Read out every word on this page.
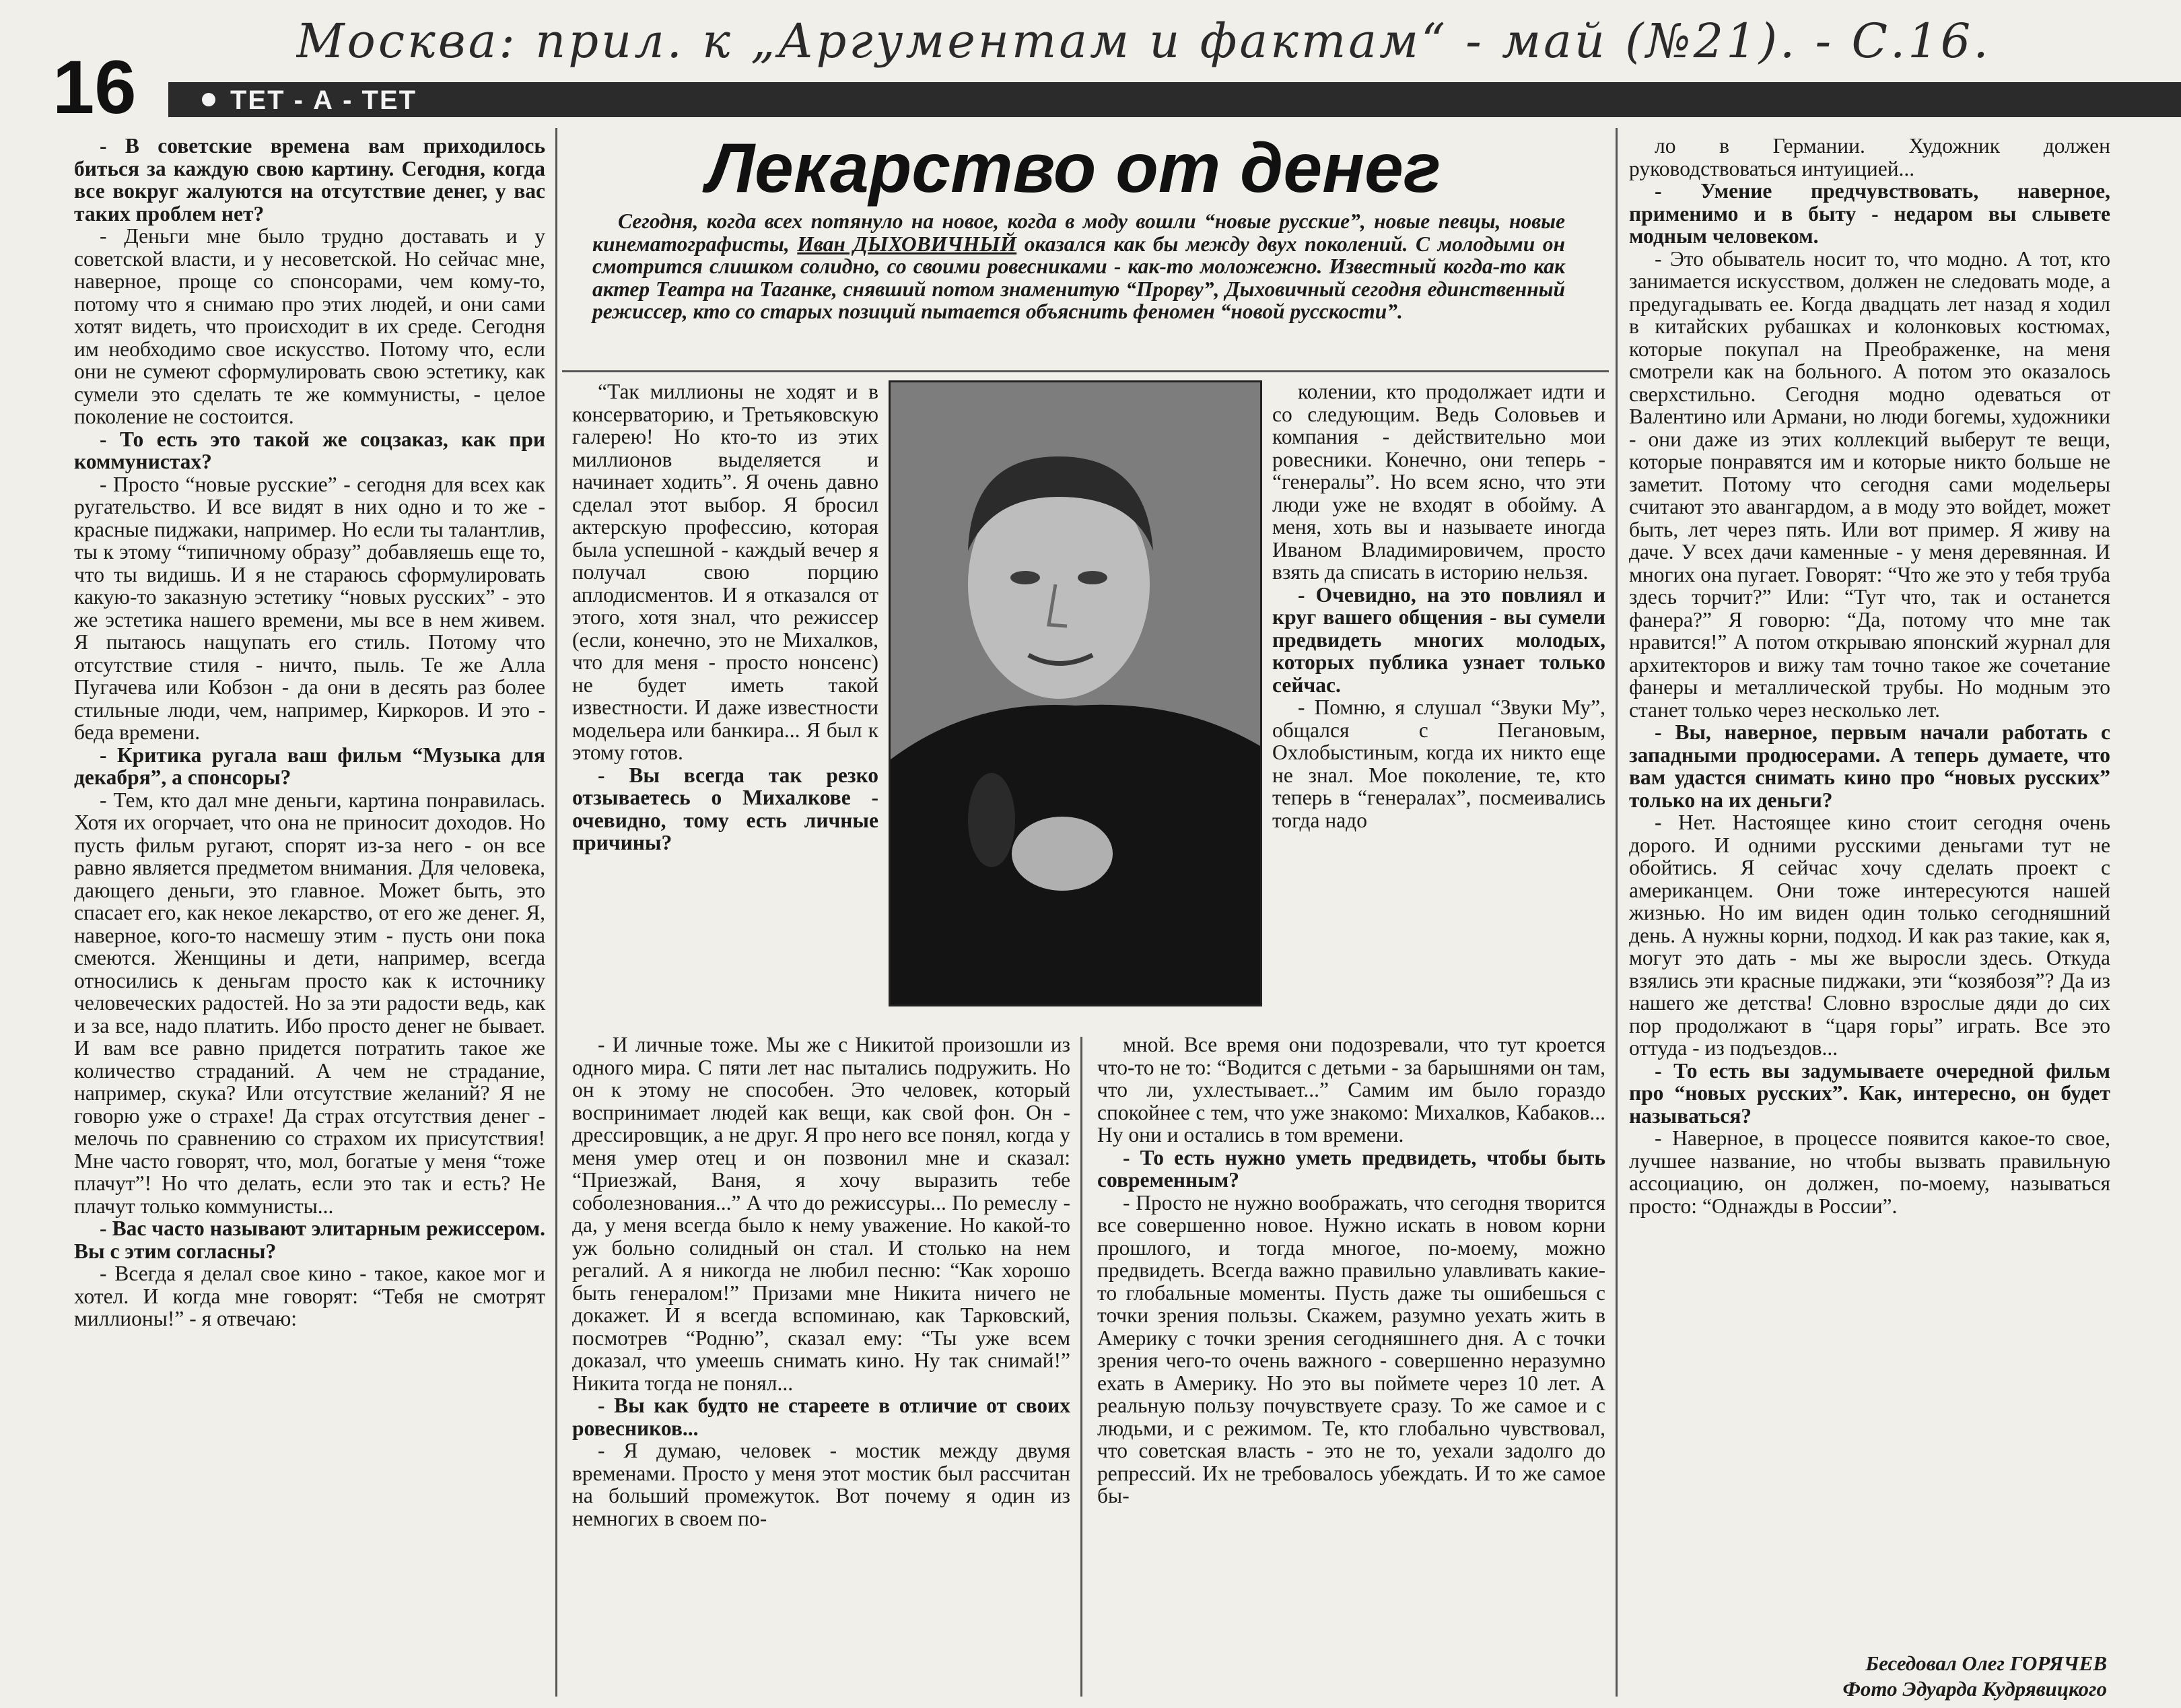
Москва: прил. к „Аргументам и фактам“ - май (№21). - С.16.
16	ТЕТ - А - ТЕТ

- В советские времена вам приходилось биться за каждую свою картину. Сегодня, когда все вокруг жалуются на отсутствие денег, у вас таких проблем нет?

- Деньги мне было трудно доставать и у советской власти, и у несоветской. Но сейчас мне, наверное, проще со спонсорами, чем кому-то, потому что я снимаю про этих людей, и они сами хотят видеть, что происходит в их среде. Сегодня им необходимо свое искусство. Потому что, если они не сумеют сформулировать свою эстетику, как сумели это сделать те же коммунисты, - целое поколение не состоится.

- То есть это такой же соцзаказ, как при коммунистах?

- Просто “новые русские” - сегодня для всех как ругательство. И все видят в них одно и то же - красные пиджаки, например. Но если ты талантлив, ты к этому “типичному образу” добавляешь еще то, что ты видишь. И я не стараюсь сформулировать какую-то заказную эстетику “новых русских” - это же эстетика нашего времени, мы все в нем живем. Я пытаюсь нащупать его стиль. Потому что отсутствие стиля - ничто, пыль. Те же Алла Пугачева или Кобзон - да они в десять раз более стильные люди, чем, например, Киркоров. И это - беда времени.

- Критика ругала ваш фильм “Музыка для декабря”, а спонсоры?

- Тем, кто дал мне деньги, картина понравилась. Хотя их огорчает, что она не приносит доходов. Но пусть фильм ругают, спорят из-за него - он все равно является предметом внимания. Для человека, дающего деньги, это главное. Может быть, это спасает его, как некое лекарство, от его же денег. Я, наверное, кого-то насмешу этим - пусть они пока смеются. Женщины и дети, например, всегда относились к деньгам просто как к источнику человеческих радостей. Но за эти радости ведь, как и за все, надо платить. Ибо просто денег не бывает. И вам все равно придется потратить такое же количество страданий. А чем не страдание, например, скука? Или отсутствие желаний? Я не говорю уже о страхе! Да страх отсутствия денег - мелочь по сравнению со страхом их присутствия! Мне часто говорят, что, мол, богатые у меня “тоже плачут”! Но что делать, если это так и есть? Не плачут только коммунисты...

- Вас часто называют элитарным режиссером. Вы с этим согласны?

- Всегда я делал свое кино - такое, какое мог и хотел. И когда мне говорят: “Тебя не смотрят миллионы!” - я отвечаю:

Лекарство от денег

Сегодня, когда всех потянуло на новое, когда в моду вошли “новые русские”, новые певцы, новые кинематографисты, Иван ДЫХОВИЧНЫЙ оказался как бы между двух поколений. С молодыми он смотрится слишком солидно, со своими ровесниками - как-то моложежно. Известный когда-то как актер Театра на Таганке, снявший потом знаменитую “Прорву”, Дыховичный сегодня единственный режиссер, кто со старых позиций пытается объяснить феномен “новой русскости”.

“Так миллионы не ходят и в консерваторию, и Третьяковскую галерею! Но кто-то из этих миллионов выделяется и начинает ходить”. Я очень давно сделал этот выбор. Я бросил актерскую профессию, которая была успешной - каждый вечер я получал свою порцию аплодисментов. И я отказался от этого, хотя знал, что режиссер (если, конечно, это не Михалков, что для меня - просто нонсенс) не будет иметь такой известности. И даже известности модельера или банкира... Я был к этому готов.

- Вы всегда так резко отзываетесь о Михалкове - очевидно, тому есть личные причины?

- И личные тоже. Мы же с Никитой произошли из одного мира. С пяти лет нас пытались подружить. Но он к этому не способен. Это человек, который воспринимает людей как вещи, как свой фон. Он - дрессировщик, а не друг. Я про него все понял, когда у меня умер отец и он позвонил мне и сказал: “Приезжай, Ваня, я хочу выразить тебе соболезнования...” А что до режиссуры... По ремеслу - да, у меня всегда было к нему уважение. Но какой-то уж больно солидный он стал. И столько на нем регалий. А я никогда не любил песню: “Как хорошо быть генералом!” Призами мне Никита ничего не докажет. И я всегда вспоминаю, как Тарковский, посмотрев “Родню”, сказал ему: “Ты уже всем доказал, что умеешь снимать кино. Ну так снимай!” Никита тогда не понял...

- Вы как будто не стареете в отличие от своих ровесников...

- Я думаю, человек - мостик между двумя временами. Просто у меня этот мостик был рассчитан на больший промежуток. Вот почему я один из немногих в своем по-

колении, кто продолжает идти и со следующим. Ведь Соловьев и компания - действительно мои ровесники. Конечно, они теперь - “генералы”. Но всем ясно, что эти люди уже не входят в обойму. А меня, хоть вы и называете иногда Иваном Владимировичем, просто взять да списать в историю нельзя.

- Очевидно, на это повлиял и круг вашего общения - вы сумели предвидеть многих молодых, которых публика узнает только сейчас.

- Помню, я слушал “Звуки Му”, общался с Пегановым, Охлобыстиным, когда их никто еще не знал. Мое поколение, те, кто теперь в “генералах”, посмеивались тогда надо

мной. Все время они подозревали, что тут кроется что-то не то: “Водится с детьми - за барышнями он там, что ли, ухлестывает...” Самим им было гораздо спокойнее с тем, что уже знакомо: Михалков, Кабаков... Ну они и остались в том времени.

- То есть нужно уметь предвидеть, чтобы быть современным?

- Просто не нужно воображать, что сегодня творится все совершенно новое. Нужно искать в новом корни прошлого, и тогда многое, по-моему, можно предвидеть. Всегда важно правильно улавливать какие-то глобальные моменты. Пусть даже ты ошибешься с точки зрения пользы. Скажем, разумно уехать жить в Америку с точки зрения сегодняшнего дня. А с точки зрения чего-то очень важного - совершенно неразумно ехать в Америку. Но это вы поймете через 10 лет. А реальную пользу почувствуете сразу. То же самое и с людьми, и с режимом. Те, кто глобально чувствовал, что советская власть - это не то, уехали задолго до репрессий. Их не требовалось убеждать. И то же самое бы-

ло в Германии. Художник должен руководствоваться интуицией...

- Умение предчувствовать, наверное, применимо и в быту - недаром вы слывете модным человеком.

- Это обыватель носит то, что модно. А тот, кто занимается искусством, должен не следовать моде, а предугадывать ее. Когда двадцать лет назад я ходил в китайских рубашках и колонковых костюмах, которые покупал на Преображенке, на меня смотрели как на больного. А потом это оказалось сверхстильно. Сегодня модно одеваться от Валентино или Армани, но люди богемы, художники - они даже из этих коллекций выберут те вещи, которые понравятся им и которые никто больше не заметит. Потому что сегодня сами модельеры считают это авангардом, а в моду это войдет, может быть, лет через пять. Или вот пример. Я живу на даче. У всех дачи каменные - у меня деревянная. И многих она пугает. Говорят: “Что же это у тебя труба здесь торчит?” Или: “Тут что, так и останется фанера?” Я говорю: “Да, потому что мне так нравится!” А потом открываю японский журнал для архитекторов и вижу там точно такое же сочетание фанеры и металлической трубы. Но модным это станет только через несколько лет.

- Вы, наверное, первым начали работать с западными продюсерами. А теперь думаете, что вам удастся снимать кино про “новых русских” только на их деньги?

- Нет. Настоящее кино стоит сегодня очень дорого. И одними русскими деньгами тут не обойтись. Я сейчас хочу сделать проект с американцем. Они тоже интересуются нашей жизнью. Но им виден один только сегодняшний день. А нужны корни, подход. И как раз такие, как я, могут это дать - мы же выросли здесь. Откуда взялись эти красные пиджаки, эти “козябозя”? Да из нашего же детства! Словно взрослые дяди до сих пор продолжают в “царя горы” играть. Все это оттуда - из подъездов...

- То есть вы задумываете очередной фильм про “новых русских”. Как, интересно, он будет называться?

- Наверное, в процессе появится какое-то свое, лучшее название, но чтобы вызвать правильную ассоциацию, он должен, по-моему, называться просто: “Однажды в России”.

Беседовал Олег ГОРЯЧЕВ
Фото Эдуарда Кудрявицкого
